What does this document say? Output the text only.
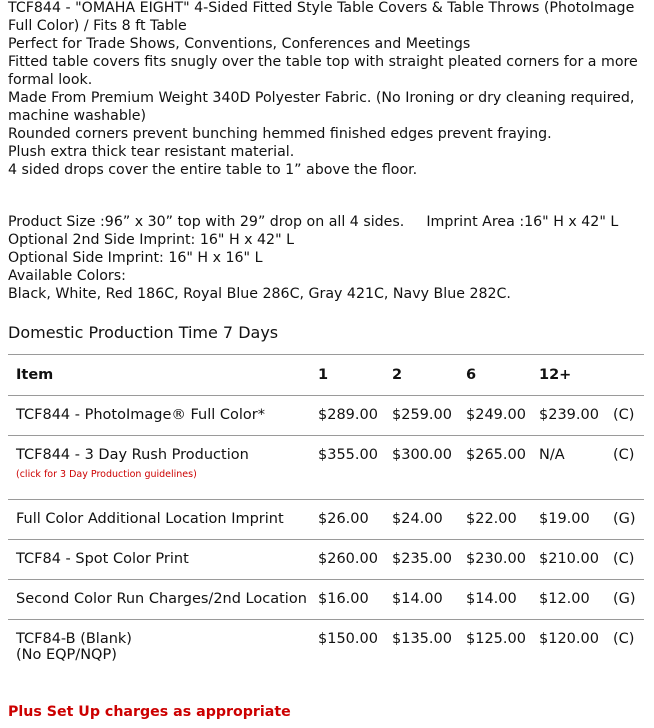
TCF844 - "OMAHA EIGHT" 4-Sided Fitted Style Table Covers & Table Throws (PhotoImage Full Color) / Fits 8 ft Table

Perfect for Trade Shows, Conventions, Conferences and Meetings

Fitted table covers fits snugly over the table top with straight pleated corners for a more formal look.

Made From Premium Weight 340D Polyester Fabric. (No Ironing or dry cleaning required, machine washable)

Rounded corners prevent bunching hemmed finished edges prevent fraying.

Plush extra thick tear resistant material.

4 sided drops cover the entire table to 1” above the floor.

Product Size :96” x 30” top with 29” drop on all 4 sides. Imprint Area :16" H x 42" L

Optional 2nd Side Imprint: 16" H x 42" L

Optional Side Imprint: 16" H x 16" L

Available Colors:

Black, White, Red 186C, Royal Blue 286C, Gray 421C, Navy Blue 282C.

Domestic Production Time 7 Days
Item	1	2	6	12+	
TCF844 - PhotoImage® Full Color*	$289.00	$259.00	$249.00	$239.00	(C)
TCF844 - 3 Day Rush Production
(click for 3 Day Production guidelines)	$355.00	$300.00	$265.00	N/A	(C)
Full Color Additional Location Imprint	$26.00	$24.00	$22.00	$19.00	(G)
TCF84 - Spot Color Print	$260.00	$235.00	$230.00	$210.00	(C)
Second Color Run Charges/2nd Location	$16.00	$14.00	$14.00	$12.00	(G)
TCF84-B (Blank)
(No EQP/NQP)	$150.00	$135.00	$125.00	$120.00	(C)
Plus Set Up charges as appropriate
